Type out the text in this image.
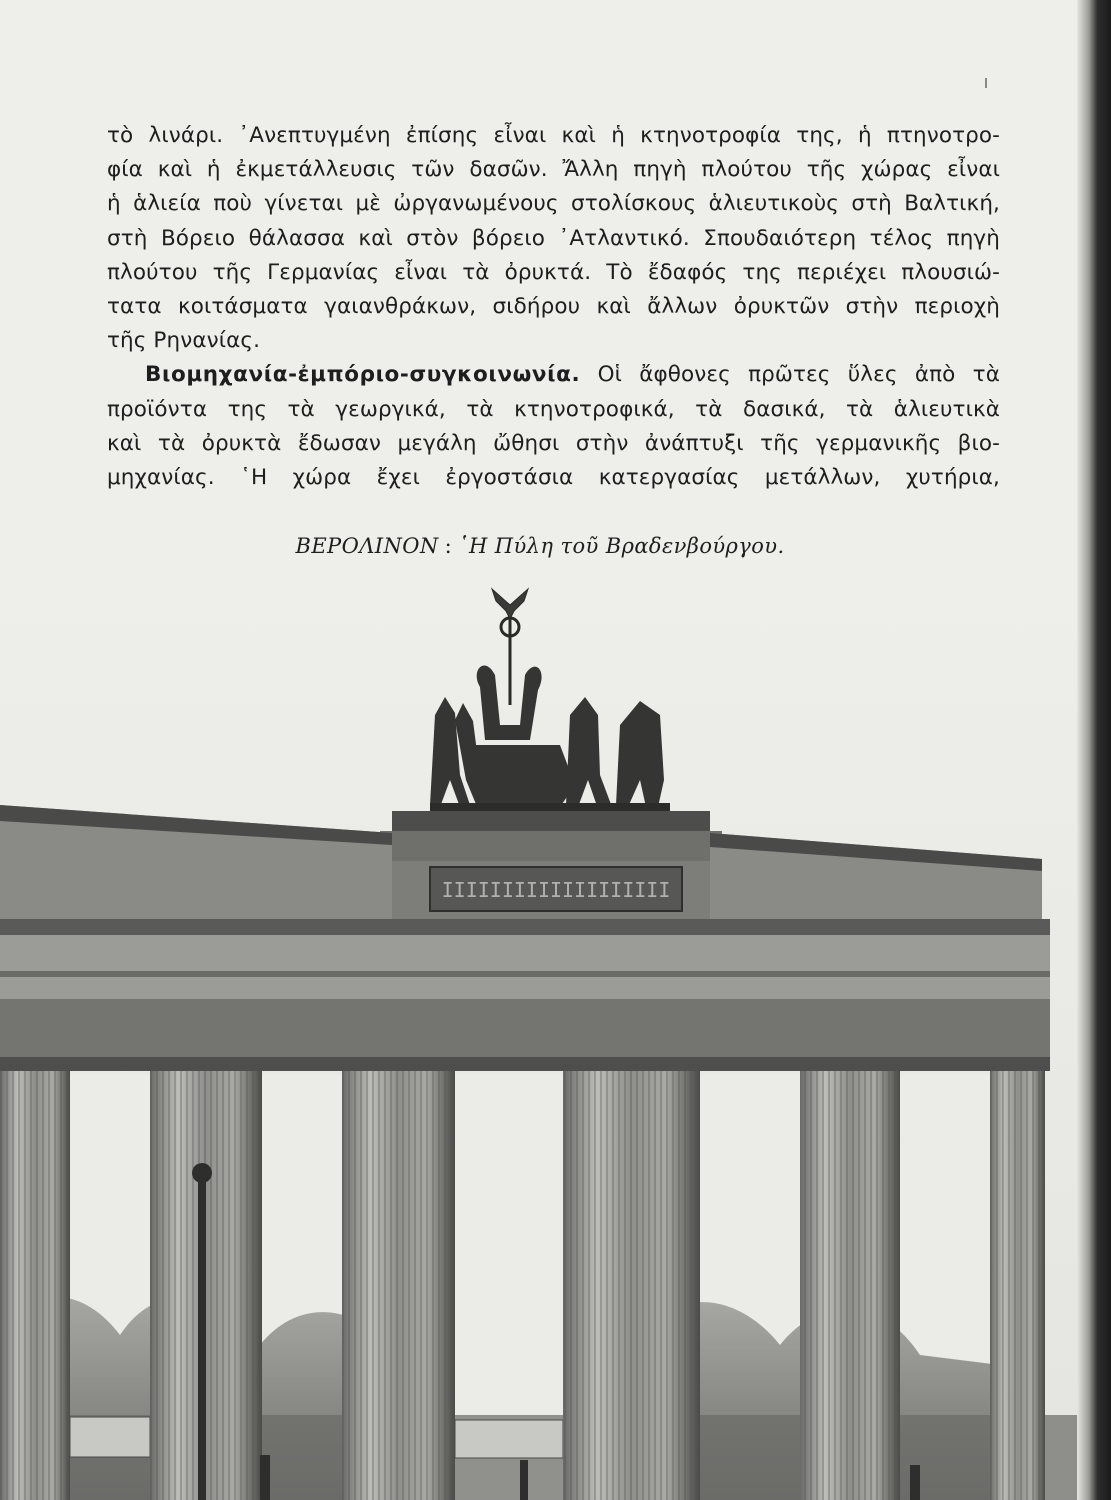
τὸ λινάρι. ᾿Ανεπτυγμένη ἐπίσης εἶναι καὶ ἡ κτηνοτροφία της, ἡ πτηνοτρο-
φία καὶ ἡ ἐκμετάλλευσις τῶν δασῶν. Ἄλλη πηγὴ πλούτου τῆς χώρας εἶναι
ἡ ἁλιεία ποὺ γίνεται μὲ ὠργανωμένους στολίσκους ἁλιευτικοὺς στὴ Βαλτική,
στὴ Βόρειο θάλασσα καὶ στὸν βόρειο ᾿Ατλαντικό. Σπουδαιότερη τέλος πηγὴ
πλούτου τῆς Γερμανίας εἶναι τὰ ὀρυκτά. Τὸ ἔδαφός της περιέχει πλουσιώ-
τατα κοιτάσματα γαιανθράκων, σιδήρου καὶ ἄλλων ὀρυκτῶν στὴν περιοχὴ
τῆς Ρηνανίας.
Βιομηχανία-ἐμπόριο-συγκοινωνία. Οἱ ἄφθονες πρῶτες ὕλες ἀπὸ τὰ
προϊόντα της τὰ γεωργικά, τὰ κτηνοτροφικά, τὰ δασικά, τὰ ἁλιευτικὰ
καὶ τὰ ὀρυκτὰ ἔδωσαν μεγάλη ὤθησι στὴν ἀνάπτυξι τῆς γερμανικῆς βιο-
μηχανίας. ῾Η χώρα ἔχει ἐργοστάσια κατεργασίας μετάλλων, χυτήρια,
ΒΕΡΟΛΙΝΟΝ : ῾Η Πύλη τοῦ Βραδενβούργου.
ΙΙΙΙΙΙΙΙΙΙΙΙΙΙΙΙΙΙΙ
